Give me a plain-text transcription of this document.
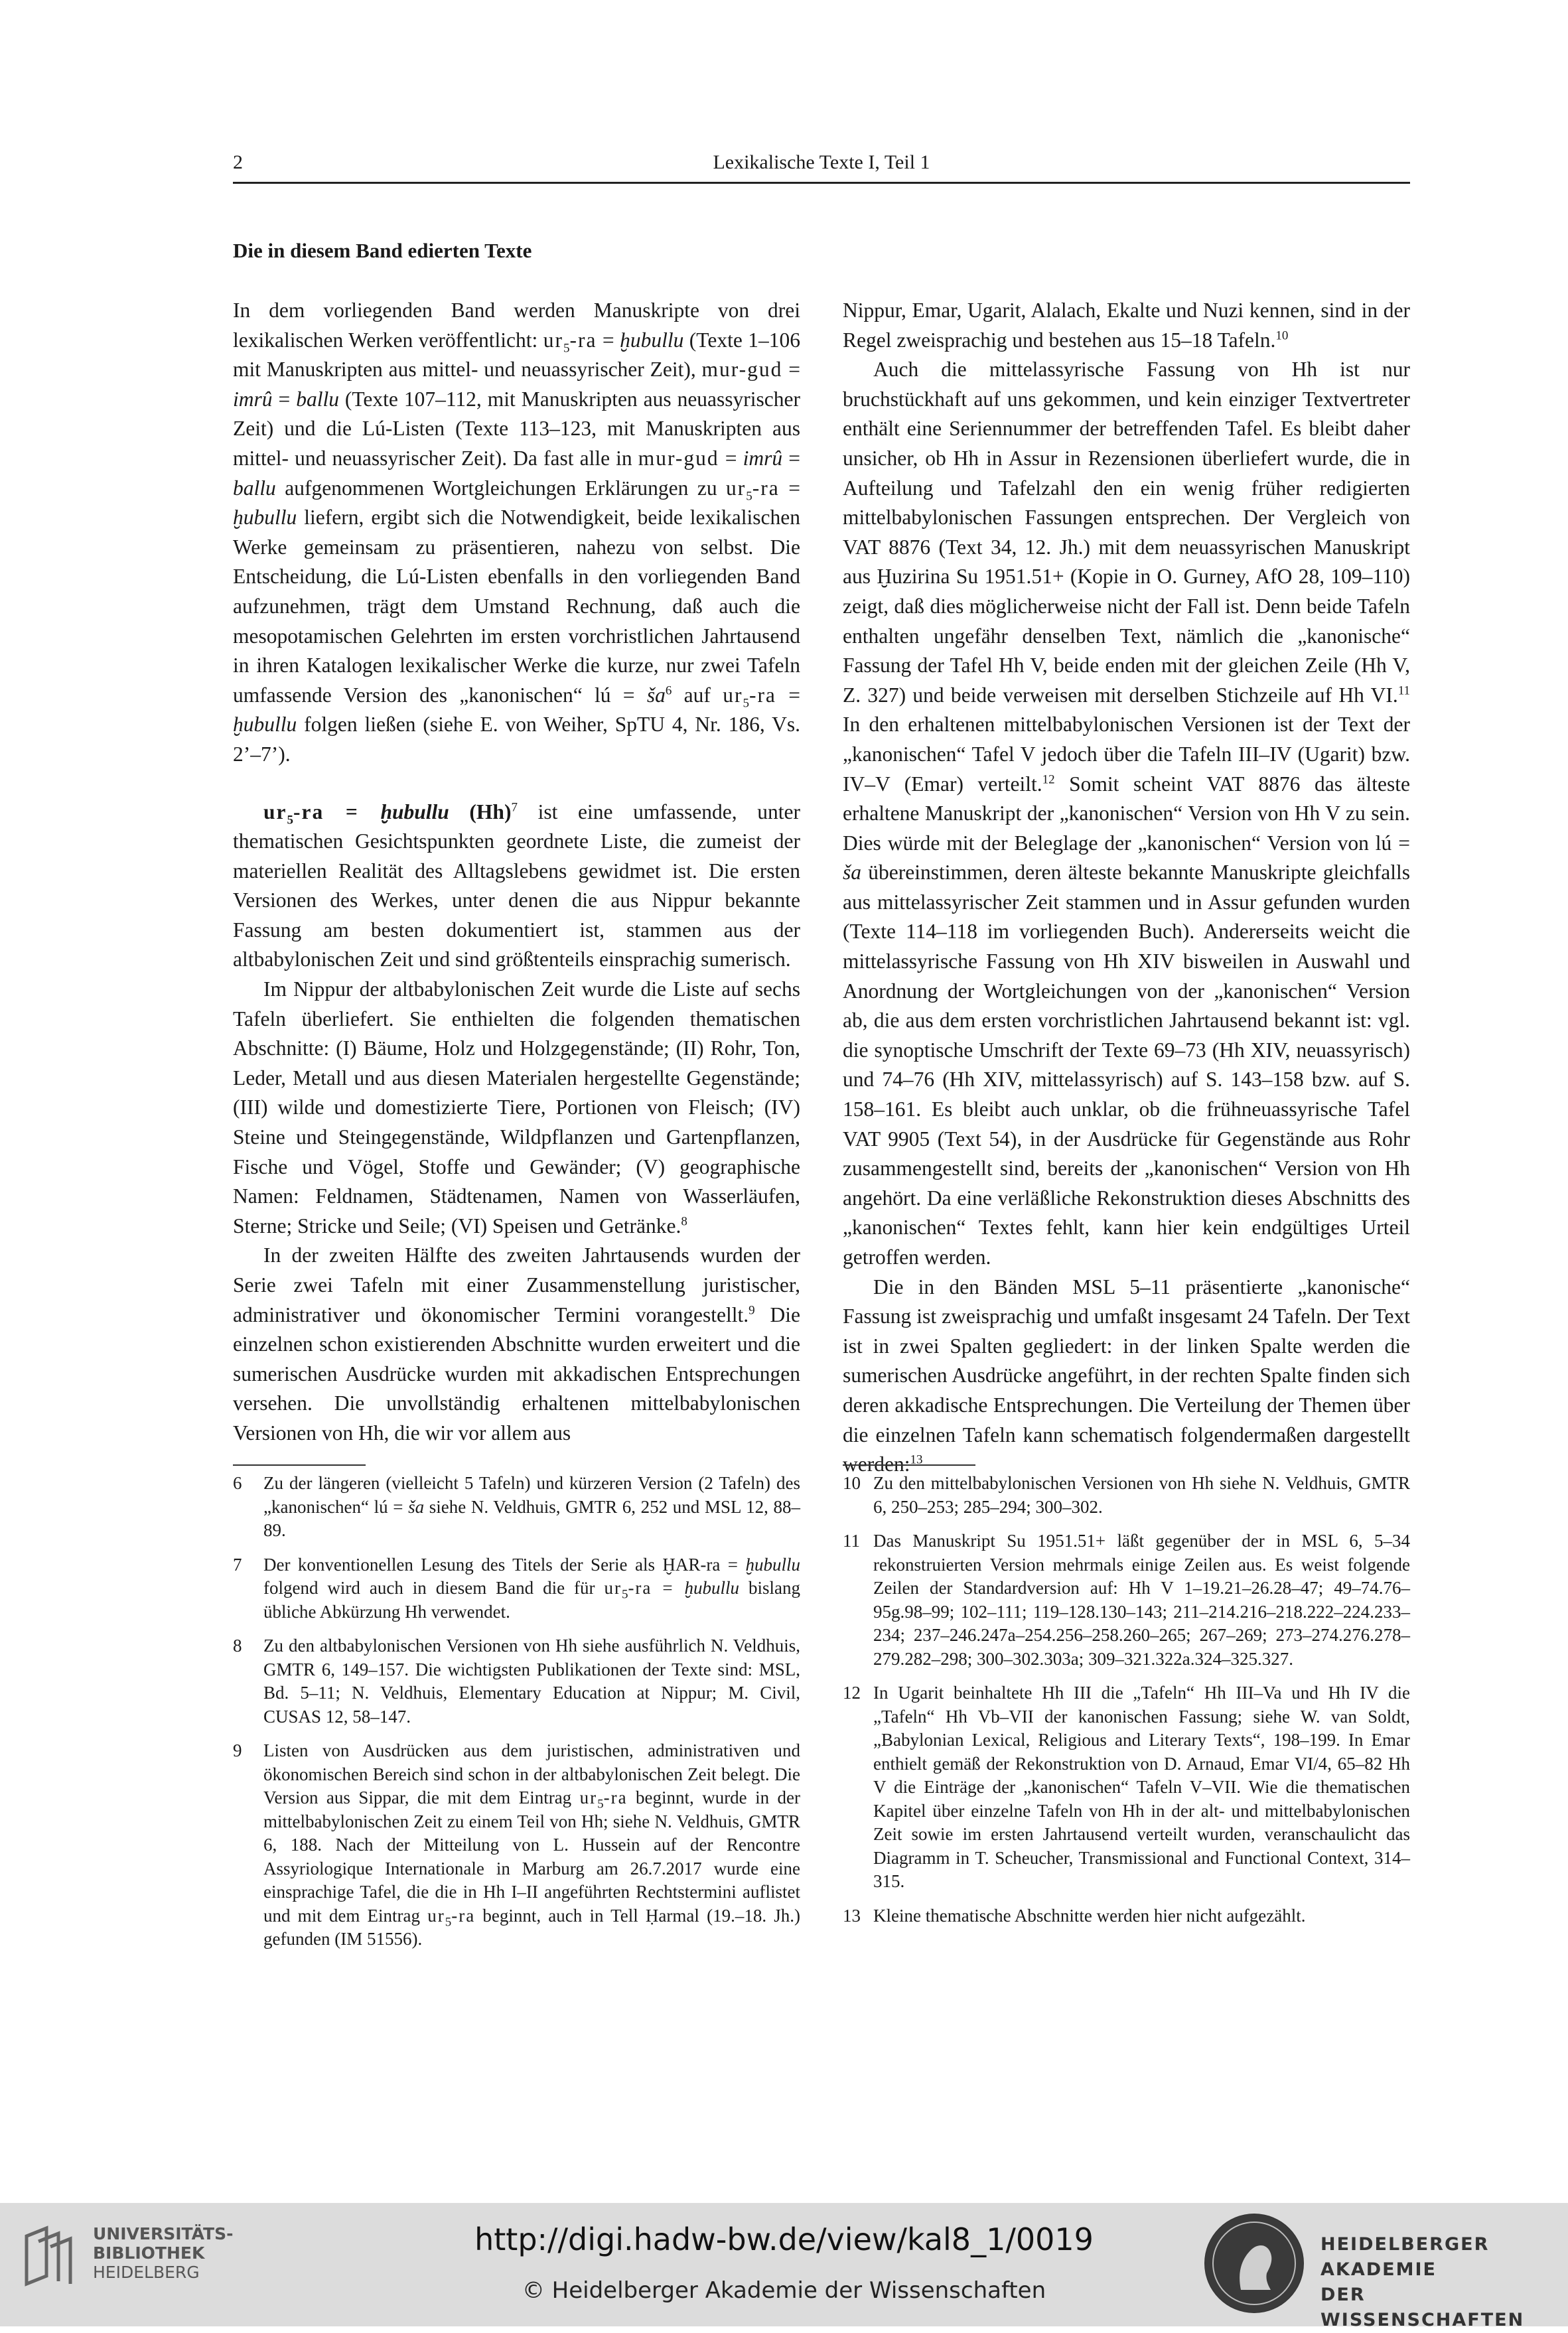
2	Lexikalische Texte I, Teil 1
Die in diesem Band edierten Texte

In dem vorliegenden Band werden Manuskripte von drei lexikalischen Werken veröffentlicht: $ur_5-ra$ = ḫubullu (Texte 1–106 mit Manuskripten aus mittel- und neuassyrischer Zeit), mur-gud = imrû = ballu (Texte 107–112, mit Manuskripten aus neuassyrischer Zeit) und die Lú-Listen (Texte 113–123, mit Manuskripten aus mittel- und neuassyrischer Zeit). Da fast alle in mur-gud = imrû = ballu aufgenommenen Wortgleichungen Erklärungen zu $ur_5-ra$ = ḫubullu liefern, ergibt sich die Notwendigkeit, beide lexikalischen Werke gemeinsam zu präsentieren, nahezu von selbst. Die Entscheidung, die Lú-Listen ebenfalls in den vorliegenden Band aufzunehmen, trägt dem Umstand Rechnung, daß auch die mesopotamischen Gelehrten im ersten vorchristlichen Jahrtausend in ihren Katalogen lexikalischer Werke die kurze, nur zwei Tafeln umfassende Version des „kanonischen“ lú = $ša^6$ auf $ur_5-ra$ = ḫubullu folgen ließen (siehe E. von Weiher, SpTU 4, Nr. 186, Vs. 2’–7’).

$ur_5-ra$ = ḫubullu $(Hh)^7$ ist eine umfassende, unter thematischen Gesichtspunkten geordnete Liste, die zumeist der materiellen Realität des Alltagslebens gewidmet ist. Die ersten Versionen des Werkes, unter denen die aus Nippur bekannte Fassung am besten dokumentiert ist, stammen aus der altbabylonischen Zeit und sind größtenteils einsprachig sumerisch.

Im Nippur der altbabylonischen Zeit wurde die Liste auf sechs Tafeln überliefert. Sie enthielten die folgenden thematischen Abschnitte: (I) Bäume, Holz und Holzgegenstände; (II) Rohr, Ton, Leder, Metall und aus diesen Materialen hergestellte Gegenstände; (III) wilde und domestizierte Tiere, Portionen von Fleisch; (IV) Steine und Steingegenstände, Wildpflanzen und Gartenpflanzen, Fische und Vögel, Stoffe und Gewänder; (V) geographische Namen: Feldnamen, Städtenamen, Namen von Wasserläufen, Sterne; Stricke und Seile; (VI) Speisen und Getränke.$^8$

In der zweiten Hälfte des zweiten Jahrtausends wurden der Serie zwei Tafeln mit einer Zusammenstellung juristischer, administrativer und ökonomischer Termini vorangestellt.$^9$ Die einzelnen schon existierenden Abschnitte wurden erweitert und die sumerischen Ausdrücke wurden mit akkadischen Entsprechungen versehen. Die unvollständig erhaltenen mittelbabylonischen Versionen von Hh, die wir vor allem aus

Nippur, Emar, Ugarit, Alalach, Ekalte und Nuzi kennen, sind in der Regel zweisprachig und bestehen aus 15–18 Tafeln.$^{10}$

Auch die mittelassyrische Fassung von Hh ist nur bruchstückhaft auf uns gekommen, und kein einziger Textvertreter enthält eine Seriennummer der betreffenden Tafel. Es bleibt daher unsicher, ob Hh in Assur in Rezensionen überliefert wurde, die in Aufteilung und Tafelzahl den ein wenig früher redigierten mittelbabylonischen Fassungen entsprechen. Der Vergleich von VAT 8876 (Text 34, 12. Jh.) mit dem neuassyrischen Manuskript aus Ḫuzirina Su 1951.51+ (Kopie in O. Gurney, AfO 28, 109–110) zeigt, daß dies möglicherweise nicht der Fall ist. Denn beide Tafeln enthalten ungefähr denselben Text, nämlich die „kanonische“ Fassung der Tafel Hh V, beide enden mit der gleichen Zeile (Hh V, Z. 327) und beide verweisen mit derselben Stichzeile auf Hh VI.$^{11}$ In den erhaltenen mittelbabylonischen Versionen ist der Text der „kanonischen“ Tafel V jedoch über die Tafeln III–IV (Ugarit) bzw. IV–V (Emar) verteilt.$^{12}$ Somit scheint VAT 8876 das älteste erhaltene Manuskript der „kanonischen“ Version von Hh V zu sein. Dies würde mit der Beleglage der „kanonischen“ Version von lú = ša übereinstimmen, deren älteste bekannte Manuskripte gleichfalls aus mittelassyrischer Zeit stammen und in Assur gefunden wurden (Texte 114–118 im vorliegenden Buch). Andererseits weicht die mittelassyrische Fassung von Hh XIV bisweilen in Auswahl und Anordnung der Wortgleichungen von der „kanonischen“ Version ab, die aus dem ersten vorchristlichen Jahrtausend bekannt ist: vgl. die synoptische Umschrift der Texte 69–73 (Hh XIV, neuassyrisch) und 74–76 (Hh XIV, mittelassyrisch) auf S. 143–158 bzw. auf S. 158–161. Es bleibt auch unklar, ob die frühneuassyrische Tafel VAT 9905 (Text 54), in der Ausdrücke für Gegenstände aus Rohr zusammengestellt sind, bereits der „kanonischen“ Version von Hh angehört. Da eine verläßliche Rekonstruktion dieses Abschnitts des „kanonischen“ Textes fehlt, kann hier kein endgültiges Urteil getroffen werden.

Die in den Bänden MSL 5–11 präsentierte „kanonische“ Fassung ist zweisprachig und umfaßt insgesamt 24 Tafeln. Der Text ist in zwei Spalten gegliedert: in der linken Spalte werden die sumerischen Ausdrücke angeführt, in der rechten Spalte finden sich deren akkadische Entsprechungen. Die Verteilung der Themen über die einzelnen Tafeln kann schematisch folgendermaßen dargestellt werden:$^{13}$

6 Zu der längeren (vielleicht 5 Tafeln) und kürzeren Version (2 Tafeln) des „kanonischen“ lú = ša siehe N. Veldhuis, GMTR 6, 252 und MSL 12, 88–89.
7 Der konventionellen Lesung des Titels der Serie als ḪAR-ra = ḫubullu folgend wird auch in diesem Band die für $ur_5-ra$ = ḫubullu bislang übliche Abkürzung Hh verwendet.
8 Zu den altbabylonischen Versionen von Hh siehe ausführlich N. Veldhuis, GMTR 6, 149–157. Die wichtigsten Publikationen der Texte sind: MSL, Bd. 5–11; N. Veldhuis, Elementary Education at Nippur; M. Civil, CUSAS 12, 58–147.
9 Listen von Ausdrücken aus dem juristischen, administrativen und ökonomischen Bereich sind schon in der altbabylonischen Zeit belegt. Die Version aus Sippar, die mit dem Eintrag $ur_5-ra$ beginnt, wurde in der mittelbabylonischen Zeit zu einem Teil von Hh; siehe N. Veldhuis, GMTR 6, 188. Nach der Mitteilung von L. Hussein auf der Rencontre Assyriologique Internationale in Marburg am 26.7.2017 wurde eine einsprachige Tafel, die die in Hh I–II angeführten Rechtstermini auflistet und mit dem Eintrag $ur_5-ra$ beginnt, auch in Tell Ḥarmal (19.–18. Jh.) gefunden (IM 51556).
10 Zu den mittelbabylonischen Versionen von Hh siehe N. Veldhuis, GMTR 6, 250–253; 285–294; 300–302.
11 Das Manuskript Su 1951.51+ läßt gegenüber der in MSL 6, 5–34 rekonstruierten Version mehrmals einige Zeilen aus. Es weist folgende Zeilen der Standardversion auf: Hh V 1–19.21–26.28–47; 49–74.76–95g.98–99; 102–111; 119–128.130–143; 211–214.216–218.222–224.233–234; 237–246.247a–254.256–258.260–265; 267–269; 273–274.276.278–279.282–298; 300–302.303a; 309–321.322a.324–325.327.
12 In Ugarit beinhaltete Hh III die „Tafeln“ Hh III–Va und Hh IV die „Tafeln“ Hh Vb–VII der kanonischen Fassung; siehe W. van Soldt, „Babylonian Lexical, Religious and Literary Texts“, 198–199. In Emar enthielt gemäß der Rekonstruktion von D. Arnaud, Emar VI/4, 65–82 Hh V die Einträge der „kanonischen“ Tafeln V–VII. Wie die thematischen Kapitel über einzelne Tafeln von Hh in der alt- und mittelbabylonischen Zeit sowie im ersten Jahrtausend verteilt wurden, veranschaulicht das Diagramm in T. Scheucher, Transmissional and Functional Context, 314–315.
13 Kleine thematische Abschnitte werden hier nicht aufgezählt.
UNIVERSITÄTS-
BIBLIOTHEK
HEIDELBERG
http://digi.hadw-bw.de/view/kal8_1/0019
© Heidelberger Akademie der Wissenschaften
HEIDELBERGER AKADEMIE
DER WISSENSCHAFTEN
